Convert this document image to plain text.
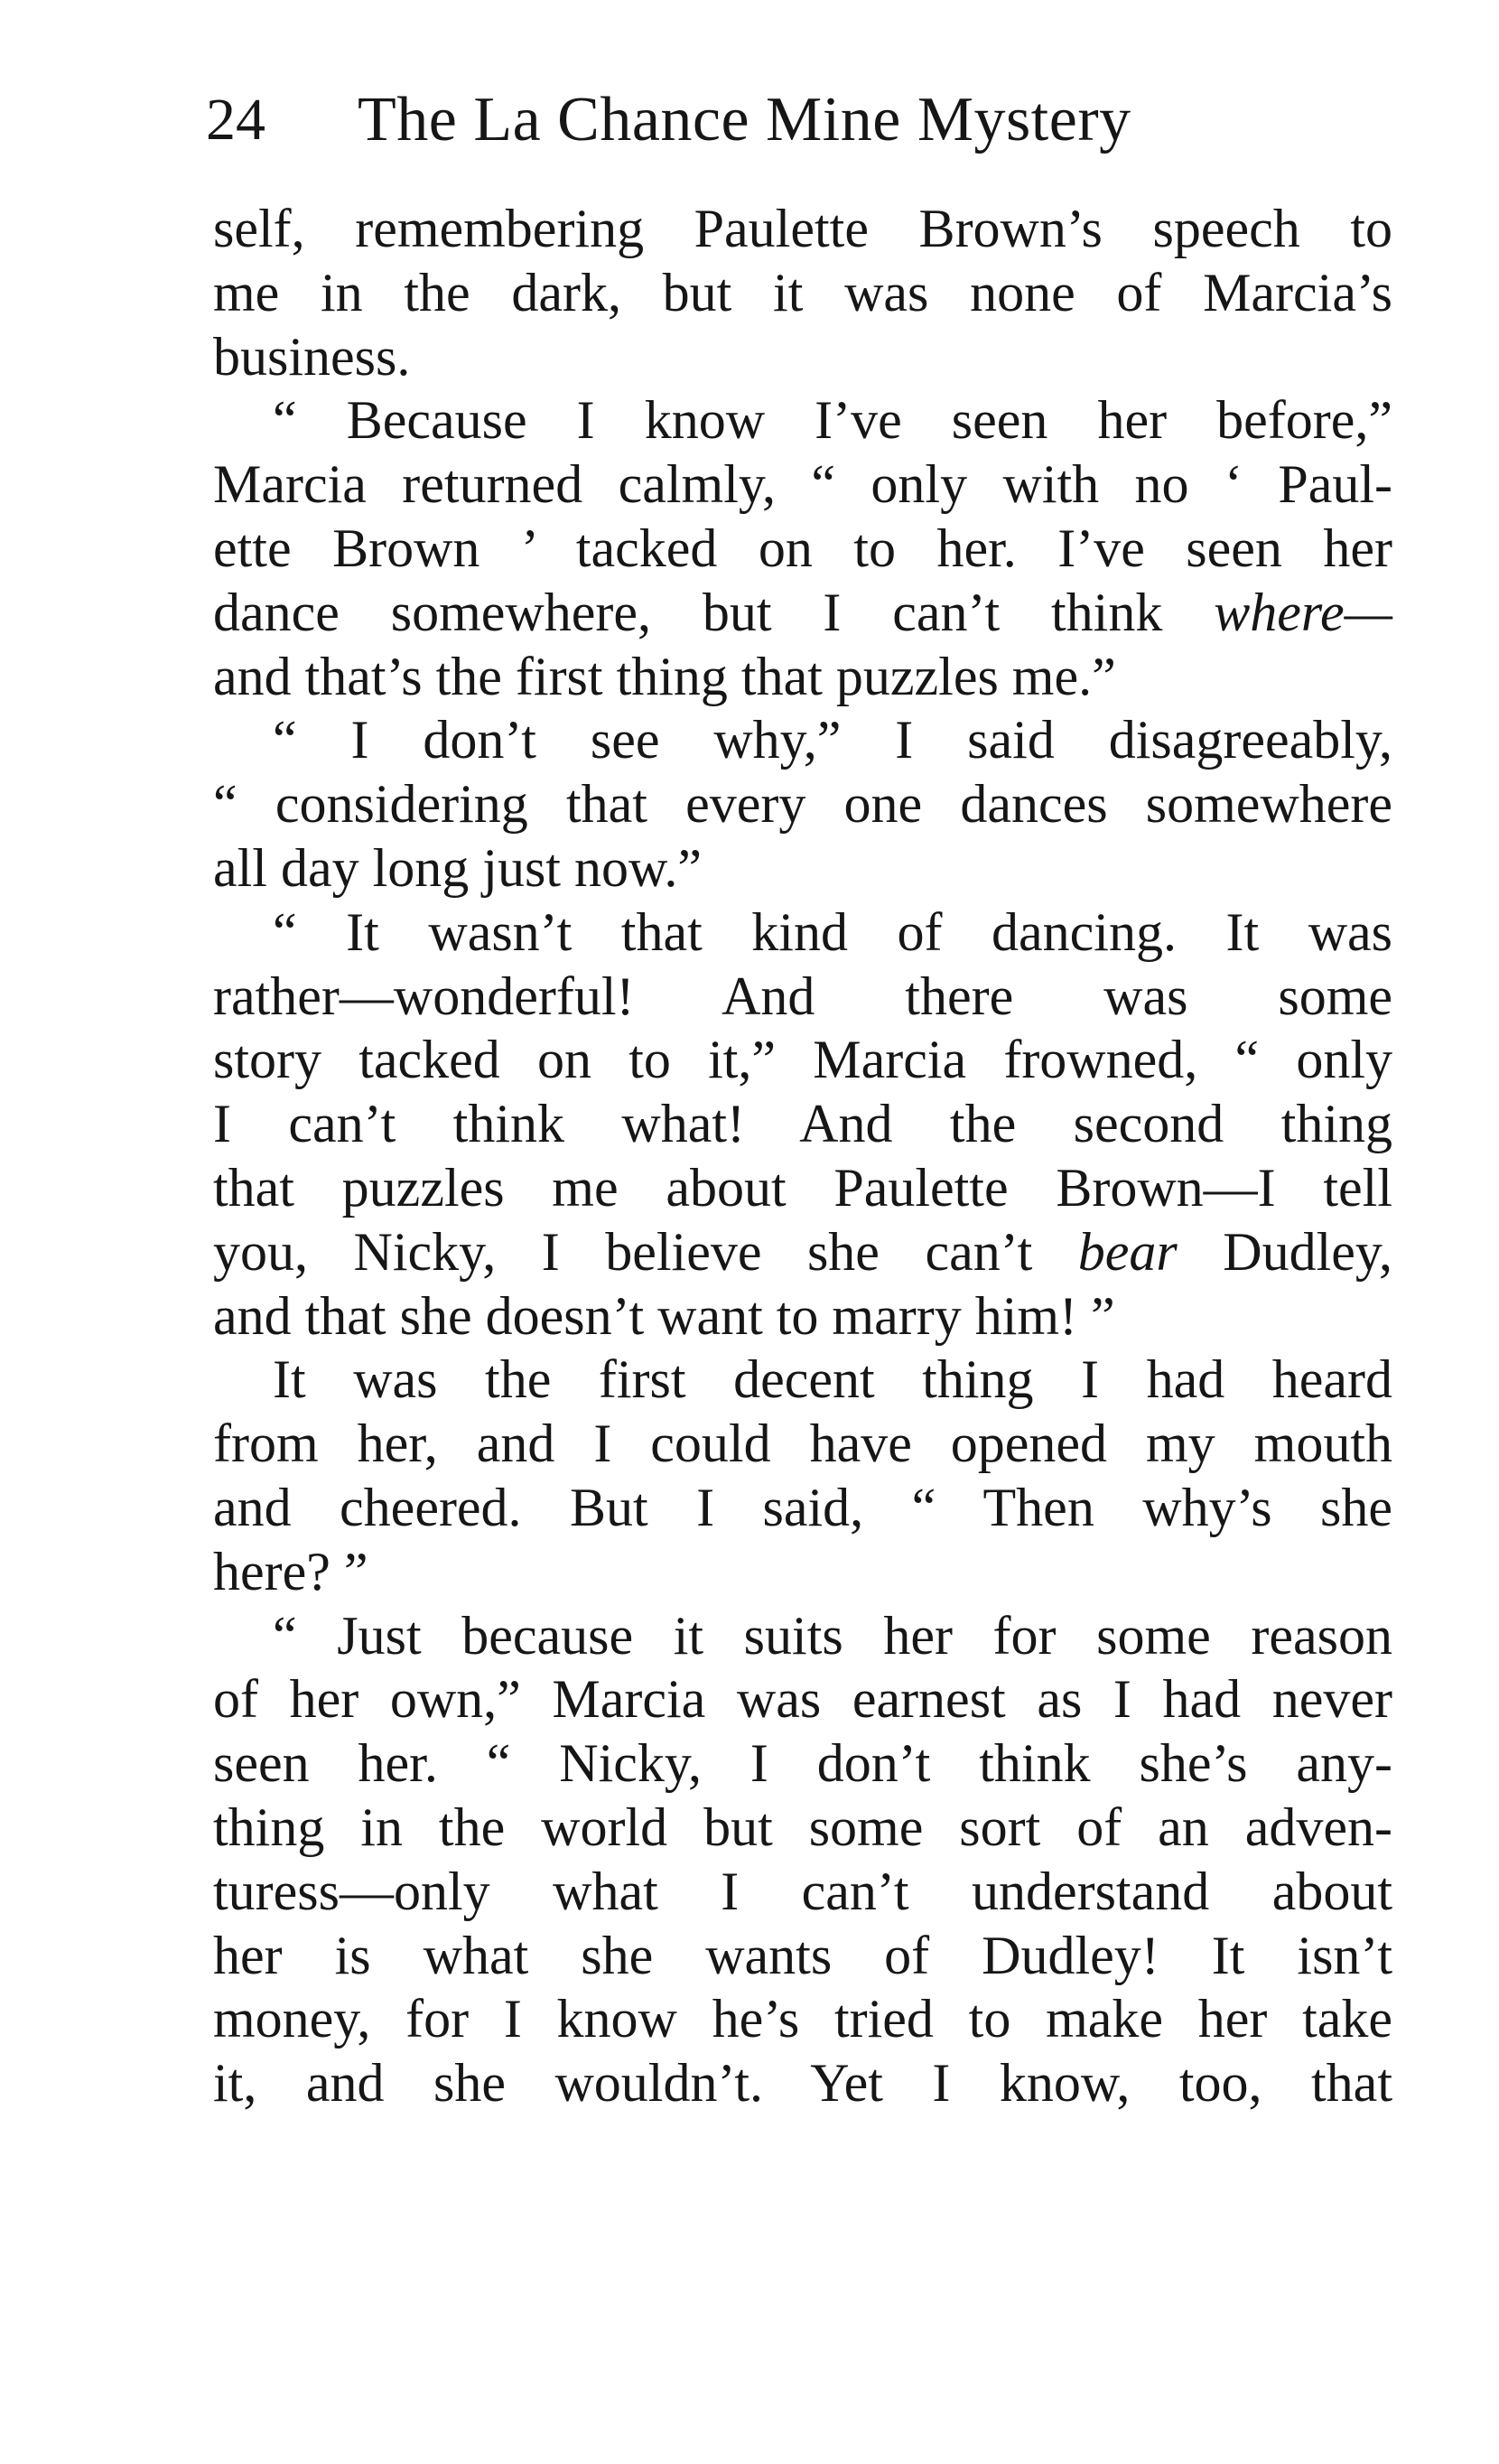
24 The La Chance Mine Mystery
self, remembering Paulette Brown’s speech to
me in the dark, but it was none of Marcia’s
business.
“ Because I know I’ve seen her before,”
Marcia returned calmly, “ only with no ‘ Paul-
ette Brown ’ tacked on to her. I’ve seen her
dance somewhere, but I can’t think where—
and that’s the first thing that puzzles me.”
“ I don’t see why,” I said disagreeably,
“ considering that every one dances somewhere
all day long just now.”
“ It wasn’t that kind of dancing. It was
rather—wonderful! And there was some
story tacked on to it,” Marcia frowned, “ only
I can’t think what! And the second thing
that puzzles me about Paulette Brown—I tell
you, Nicky, I believe she can’t bear Dudley,
and that she doesn’t want to marry him! ”
It was the first decent thing I had heard
from her, and I could have opened my mouth
and cheered. But I said, “ Then why’s she
here? ”
“ Just because it suits her for some reason
of her own,” Marcia was earnest as I had never
seen her. “ Nicky, I don’t think she’s any-
thing in the world but some sort of an adven-
turess—only what I can’t understand about
her is what she wants of Dudley! It isn’t
money, for I know he’s tried to make her take
it, and she wouldn’t. Yet I know, too, that
